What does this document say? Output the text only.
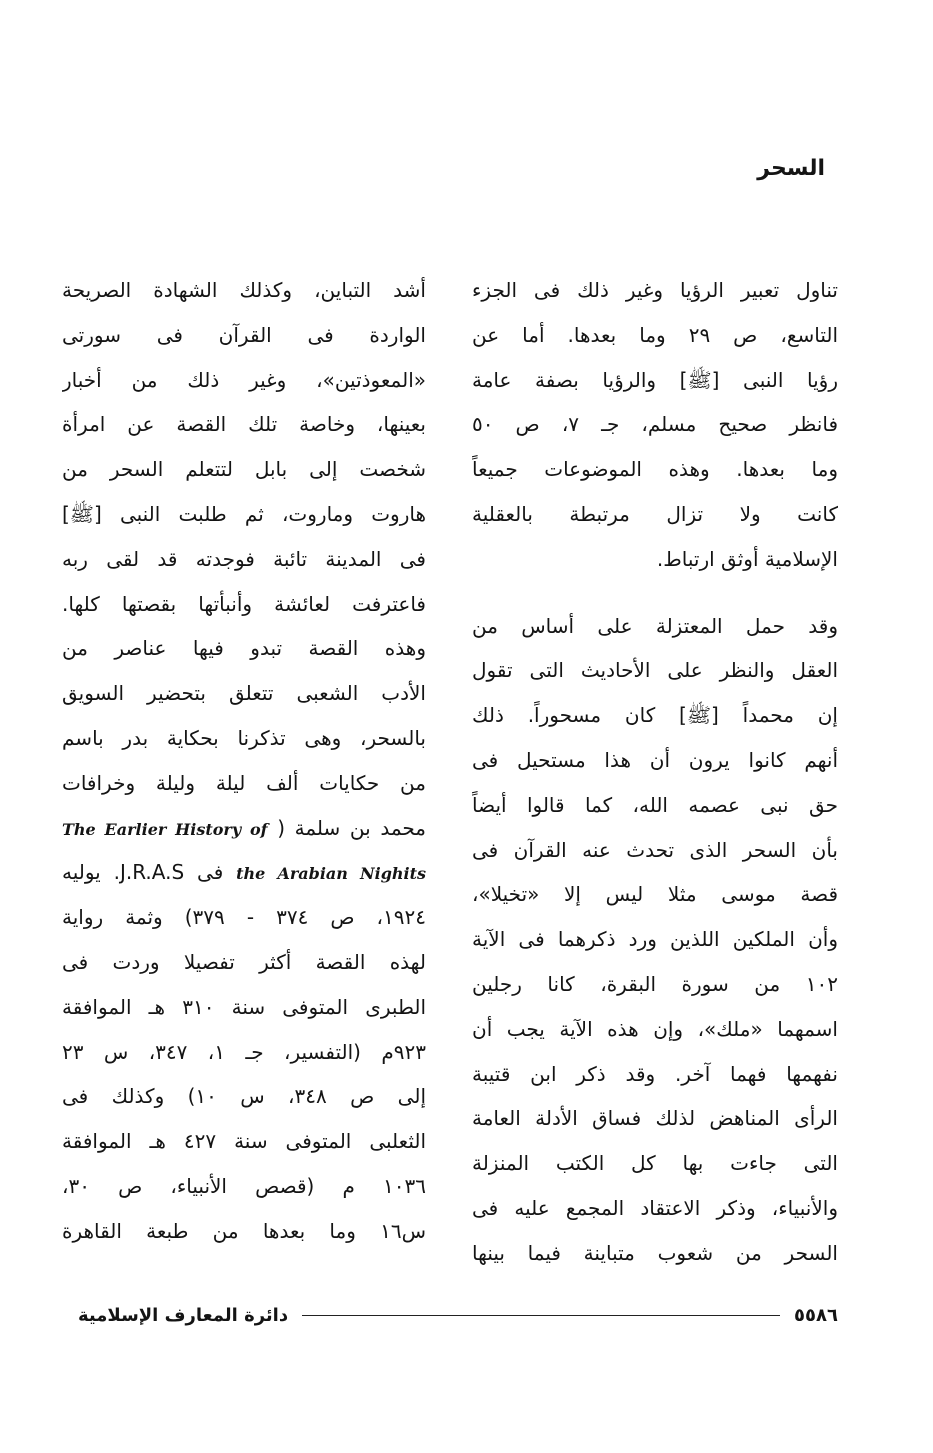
السحر
تناول تعبير الرؤيا وغير ذلك فى الجزء
التاسع، ص ٢٩ وما بعدها. أما عن
رؤيا النبى [ﷺ] والرؤيا بصفة عامة
فانظر صحيح مسلم، جـ ٧، ص ٥٠
وما بعدها. وهذه الموضوعات جميعاً
كانت ولا تزال مرتبطة بالعقلية
الإسلامية أوثق ارتباط.
وقد حمل المعتزلة على أساس من
العقل والنظر على الأحاديث التى تقول
إن محمداً [ﷺ] كان مسحوراً. ذلك
أنهم كانوا يرون أن هذا مستحيل فى
حق نبى عصمه الله، كما قالوا أيضاً
بأن السحر الذى تحدث عنه القرآن فى
قصة موسى مثلا ليس إلا «تخيلا»،
وأن الملكين اللذين ورد ذكرهما فى الآية
١٠٢ من سورة البقرة، كانا رجلين
اسمهما «ملك»، وإن هذه الآية يجب أن
نفهمها فهما آخر. وقد ذكر ابن قتيبة
الرأى المناهض لذلك فساق الأدلة العامة
التى جاءت بها كل الكتب المنزلة
والأنبياء، وذكر الاعتقاد المجمع عليه فى
السحر من شعوب متباينة فيما بينها
أشد التباين، وكذلك الشهادة الصريحة
الواردة فى القرآن فى سورتى
«المعوذتين»، وغير ذلك من أخبار
بعينها، وخاصة تلك القصة عن امرأة
شخصت إلى بابل لتتعلم السحر من
هاروت وماروت، ثم طلبت النبى [ﷺ]
فى المدينة تائبة فوجدته قد لقى ربه
فاعترفت لعائشة وأنبأتها بقصتها كلها.
وهذه القصة تبدو فيها عناصر من
الأدب الشعبى تتعلق بتحضير السويق
بالسحر، وهى تذكرنا بحكاية بدر باسم
من حكايات ألف ليلة وليلة وخرافات
محمد بن سلمة ( The Earlier History of
the Arabian Nighits فى J.R.A.S. يوليه
١٩٢٤، ص ٣٧٤ - ٣٧٩) وثمة رواية
لهذه القصة أكثر تفصيلا وردت فى
الطبرى المتوفى سنة ٣١٠ هـ الموافقة
٩٢٣م (التفسير، جـ ١، ٣٤٧، س ٢٣
إلى ص ٣٤٨، س ١٠) وكذلك فى
الثعلبى المتوفى سنة ٤٢٧ هـ الموافقة
١٠٣٦ م (قصص الأنبياء، ص ٣٠،
س١٦ وما بعدها من طبعة القاهرة
دائرة المعارف الإسلامية	٥٥٨٦
